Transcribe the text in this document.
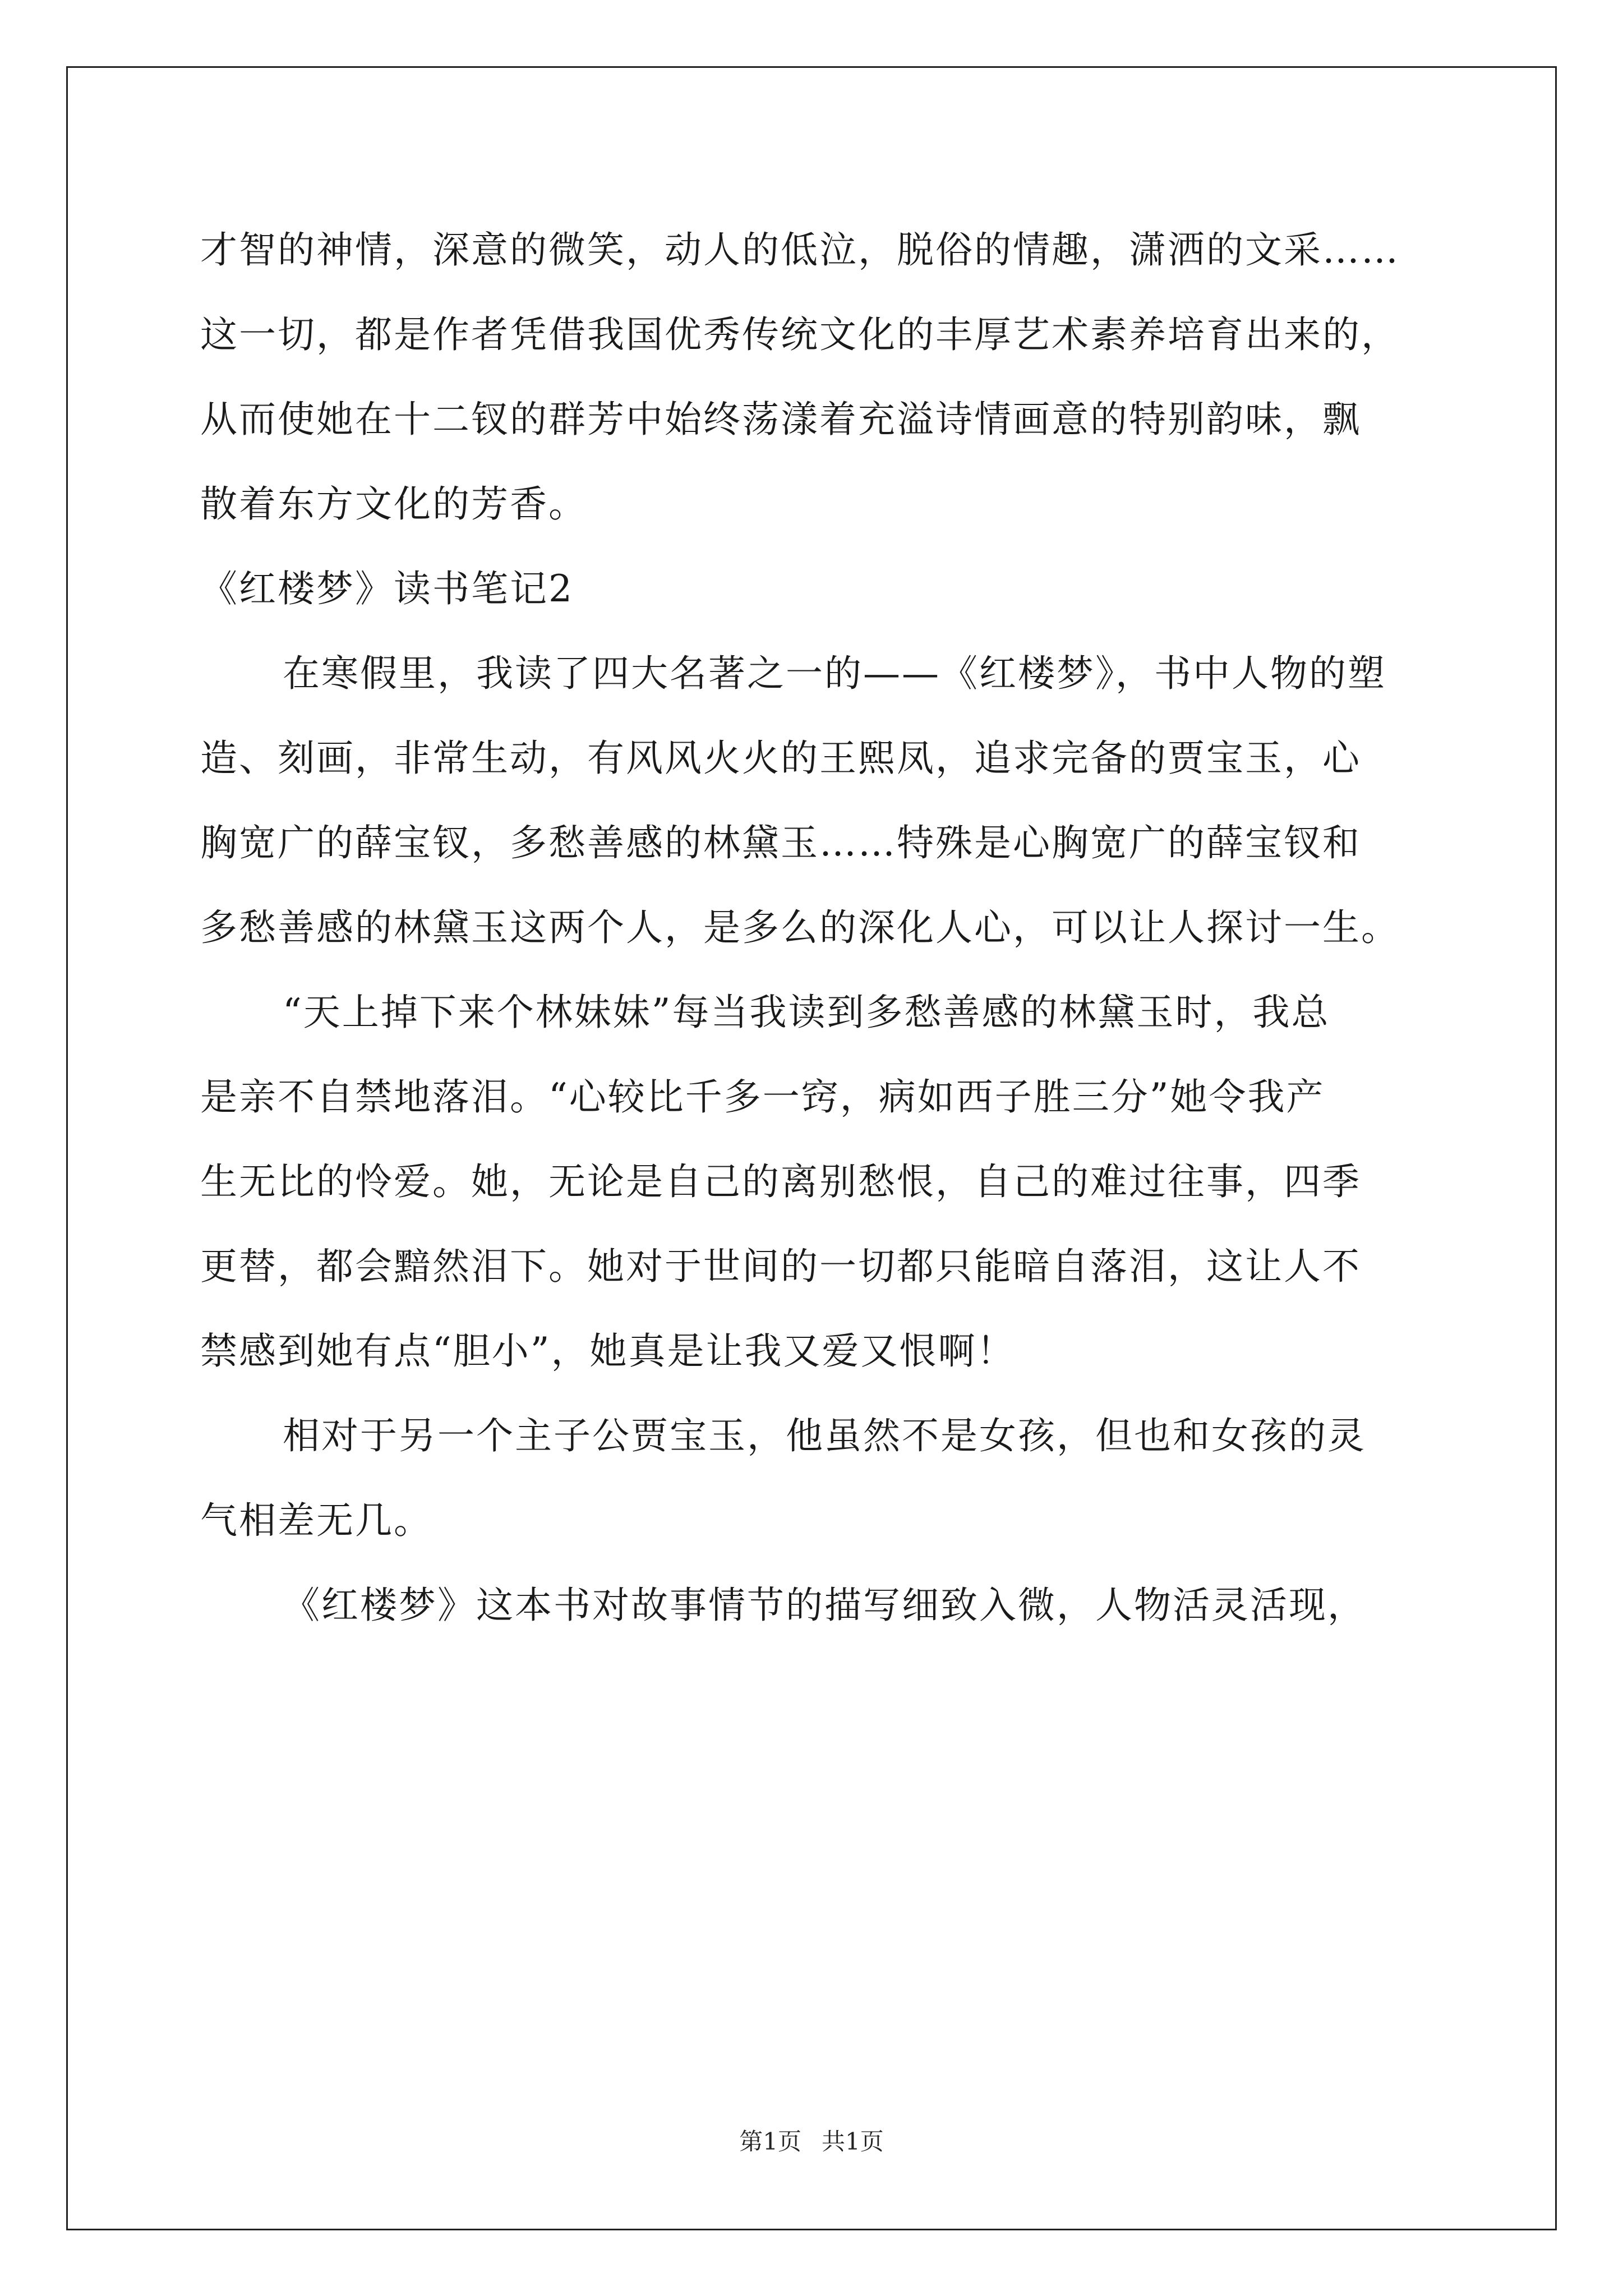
才智的神情，深意的微笑，动人的低泣，脱俗的情趣，潇洒的文采……
这一切，都是作者凭借我国优秀传统文化的丰厚艺术素养培育出来的，
从而使她在十二钗的群芳中始终荡漾着充溢诗情画意的特别韵味，飘
散着东方文化的芳香。
《红楼梦》读书笔记2
在寒假里，我读了四大名著之一的——《红楼梦》，书中人物的塑
造、刻画，非常生动，有风风火火的王熙凤，追求完备的贾宝玉，心
胸宽广的薛宝钗，多愁善感的林黛玉……特殊是心胸宽广的薛宝钗和
多愁善感的林黛玉这两个人，是多么的深化人心，可以让人探讨一生。
“天上掉下来个林妹妹”每当我读到多愁善感的林黛玉时，我总
是亲不自禁地落泪。“心较比千多一窍，病如西子胜三分”她令我产
生无比的怜爱。她，无论是自己的离别愁恨，自己的难过往事，四季
更替，都会黯然泪下。她对于世间的一切都只能暗自落泪，这让人不
禁感到她有点“胆小”，她真是让我又爱又恨啊！
相对于另一个主子公贾宝玉，他虽然不是女孩，但也和女孩的灵
气相差无几。
《红楼梦》这本书对故事情节的描写细致入微，人物活灵活现，
第1页 共1页
